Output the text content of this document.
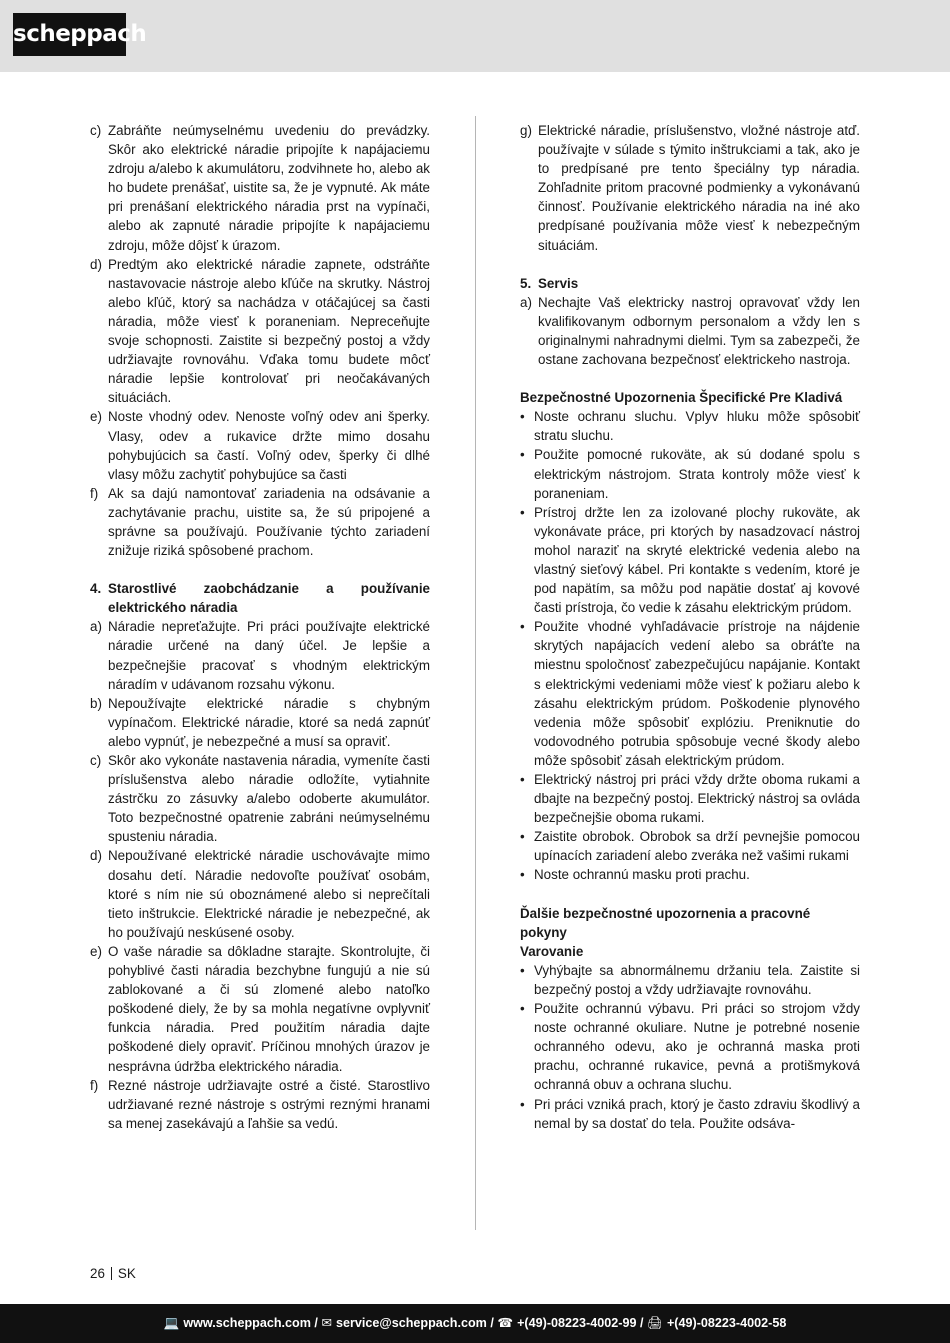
scheppach
c) Zabráňte neúmyselnému uvedeniu do prevádzky. Skôr ako elektrické náradie pripojíte k napájaciemu zdroju a/alebo k akumulátoru, zodvihnete ho, alebo ak ho budete prenášať, uistite sa, že je vypnuté. Ak máte pri prenášaní elektrického náradia prst na vypínači, alebo ak zapnuté náradie pripojíte k napájaciemu zdroju, môže dôjsť k úrazom.
d) Predtým ako elektrické náradie zapnete, odstráňte nastavovacie nástroje alebo kľúče na skrutky. Nástroj alebo kľúč, ktorý sa nachádza v otáčajúcej sa časti náradia, môže viesť k poraneniam. Nepreceňujte svoje schopnosti. Zaistite si bezpečný postoj a vždy udržiavajte rovnováhu. Vďaka tomu budete môcť náradie lepšie kontrolovať pri neočakávaných situáciách.
e) Noste vhodný odev. Nenoste voľný odev ani šperky. Vlasy, odev a rukavice držte mimo dosahu pohybujúcich sa častí. Voľný odev, šperky či dlhé vlasy môžu zachytiť pohybujúce sa časti
f) Ak sa dajú namontovať zariadenia na odsávanie a zachytávanie prachu, uistite sa, že sú pripojené a správne sa používajú. Používanie týchto zariadení znižuje riziká spôsobené prachom.
4. Starostlivé zaobchádzanie a používanie elektrického náradia
a) Náradie nepreťažujte. Pri práci používajte elektrické náradie určené na daný účel. Je lepšie a bezpečnejšie pracovať s vhodným elektrickým náradím v udávanom rozsahu výkonu.
b) Nepoužívajte elektrické náradie s chybným vypínačom. Elektrické náradie, ktoré sa nedá zapnúť alebo vypnúť, je nebezpečné a musí sa opraviť.
c) Skôr ako vykonáte nastavenia náradia, vymeníte časti príslušenstva alebo náradie odložíte, vytiahnite zástrčku zo zásuvky a/alebo odoberte akumulátor. Toto bezpečnostné opatrenie zabráni neúmyselnému spusteniu náradia.
d) Nepoužívané elektrické náradie uschovávajte mimo dosahu detí. Náradie nedovoľte používať osobám, ktoré s ním nie sú oboznámené alebo si neprečítali tieto inštrukcie. Elektrické náradie je nebezpečné, ak ho používajú neskúsené osoby.
e) O vaše náradie sa dôkladne starajte. Skontrolujte, či pohyblivé časti náradia bezchybne fungujú a nie sú zablokované a či sú zlomené alebo natoľko poškodené diely, že by sa mohla negatívne ovplyvniť funkcia náradia. Pred použitím náradia dajte poškodené diely opraviť. Príčinou mnohých úrazov je nesprávna údržba elektrického náradia.
f) Rezné nástroje udržiavajte ostré a čisté. Starostlivo udržiavané rezné nástroje s ostrými reznými hranami sa menej zasekávajú a ľahšie sa vedú.
g) Elektrické náradie, príslušenstvo, vložné nástroje atď. používajte v súlade s týmito inštrukciami a tak, ako je to predpísané pre tento špeciálny typ náradia. Zohľadnite pritom pracovné podmienky a vykonávanú činnosť. Používanie elektrického náradia na iné ako predpísané používania môže viesť k nebezpečným situáciám.
5. Servis
a) Nechajte Vaš elektricky nastroj opravovať vždy len kvalifikovanym odbornym personalom a vždy len s originalnymi nahradnymi dielmi. Tym sa zabezpeči, že ostane zachovana bezpečnosť elektrickeho nastroja.
Bezpečnostné Upozornenia Špecifické Pre Kladivá
• Noste ochranu sluchu. Vplyv hluku môže spôsobiť stratu sluchu.
• Použite pomocné rukoväte, ak sú dodané spolu s elektrickým nástrojom. Strata kontroly môže viesť k poraneniam.
• Prístroj držte len za izolované plochy rukoväte, ak vykonávate práce, pri ktorých by nasadzovací nástroj mohol naraziť na skryté elektrické vedenia alebo na vlastný sieťový kábel. Pri kontakte s vedením, ktoré je pod napätím, sa môžu pod napätie dostať aj kovové časti prístroja, čo vedie k zásahu elektrickým prúdom.
• Použite vhodné vyhľadávacie prístroje na nájdenie skrytých napájacích vedení alebo sa obráťte na miestnu spoločnosť zabezpečujúcu napájanie. Kontakt s elektrickými vedeniami môže viesť k požiaru alebo k zásahu elektrickým prúdom. Poškodenie plynového vedenia môže spôsobiť explóziu. Preniknutie do vodovodného potrubia spôsobuje vecné škody alebo môže spôsobiť zásah elektrickým prúdom.
• Elektrický nástroj pri práci vždy držte oboma rukami a dbajte na bezpečný postoj. Elektrický nástroj sa ovláda bezpečnejšie oboma rukami.
• Zaistite obrobok. Obrobok sa drží pevnejšie pomocou upínacích zariadení alebo zveráka než vašimi rukami
• Noste ochrannú masku proti prachu.
Ďalšie bezpečnostné upozornenia a pracovné pokyny
Varovanie
• Vyhýbajte sa abnormálnemu držaniu tela. Zaistite si bezpečný postoj a vždy udržiavajte rovnováhu.
• Použite ochrannú výbavu. Pri práci so strojom vždy noste ochranné okuliare. Nutne je potrebné nosenie ochranného odevu, ako je ochranná maska proti prachu, ochranné rukavice, pevná a protišmyková ochranná obuv a ochrana sluchu.
• Pri práci vzniká prach, ktorý je často zdraviu škodlivý a nemal by sa dostať do tela. Použite odsáva-
26 SK
💻 www.scheppach.com / ✉ service@scheppach.com / ☎ +(49)-08223-4002-99 / 🖨 +(49)-08223-4002-58
